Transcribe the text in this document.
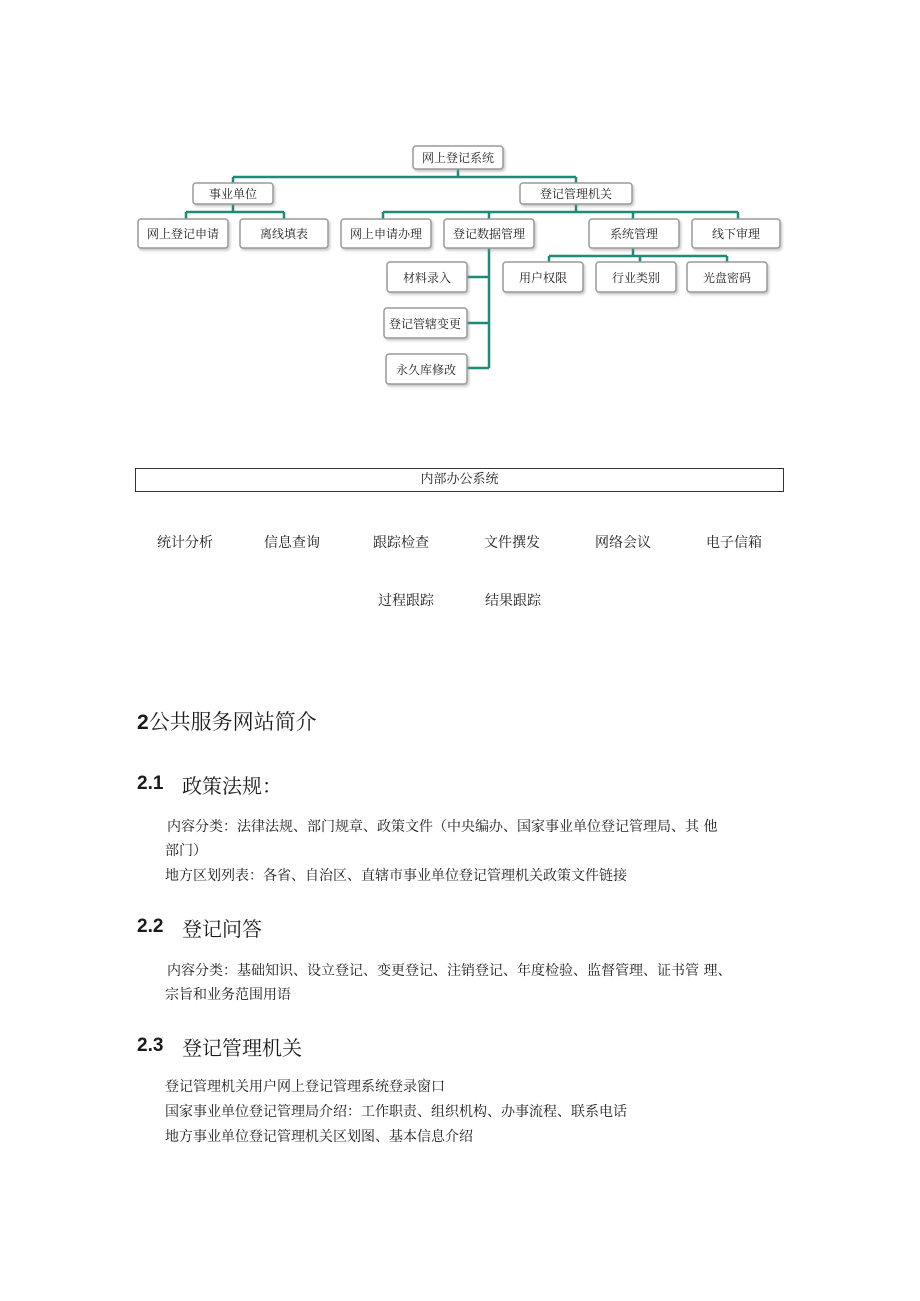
网上登记系统
事业单位	登记管理机关
网上登记申请	离线填表	网上申请办理	登记数据管理	系统管理	线下审理
材料录入
登记管辖变更
永久库修改
用户权限	行业类别	光盘密码
内部办公系统
统计分析	信息查询	跟踪检查	文件撰发	网络会议	电子信箱
过程跟踪	结果跟踪
2公共服务网站简介
2.1 政策法规：
内容分类：法律法规、部门规章、政策文件（中央编办、国家事业单位登记管理局、其 他
部门）
地方区划列表：各省、自治区、直辖市事业单位登记管理机关政策文件链接
2.2 登记问答
内容分类：基础知识、设立登记、变更登记、注销登记、年度检验、监督管理、证书管 理、
宗旨和业务范围用语
2.3 登记管理机关
登记管理机关用户网上登记管理系统登录窗口
国家事业单位登记管理局介绍：工作职责、组织机构、办事流程、联系电话
地方事业单位登记管理机关区划图、基本信息介绍
